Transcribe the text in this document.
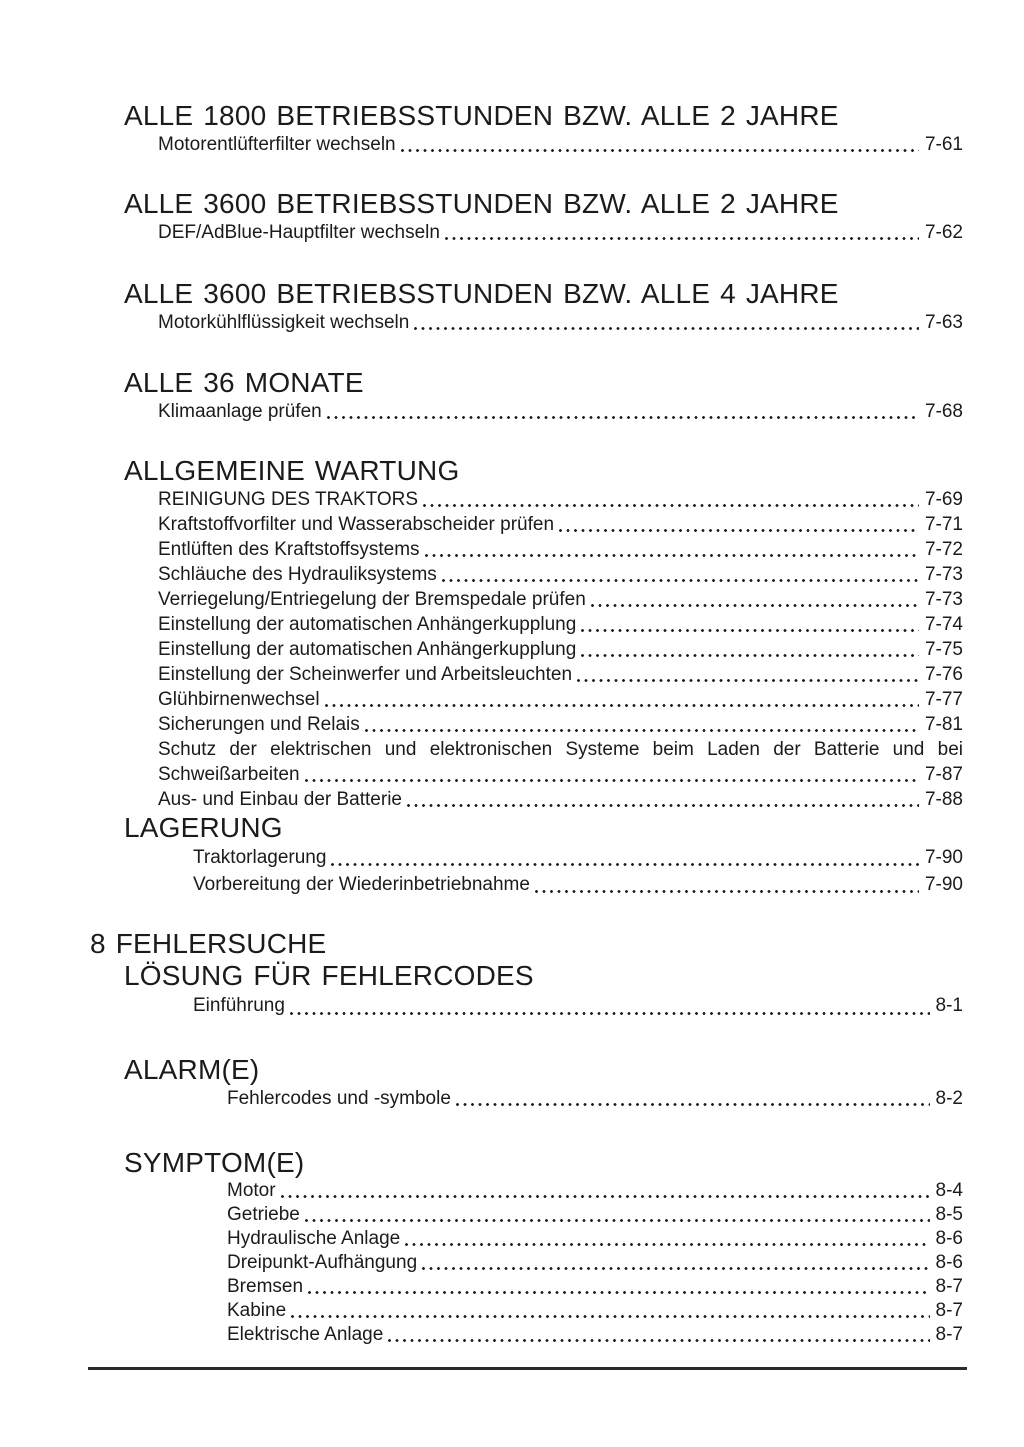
ALLE 1800 BETRIEBSSTUNDEN BZW. ALLE 2 JAHRE
Motorentlüfterfilter wechseln	7-61
ALLE 3600 BETRIEBSSTUNDEN BZW. ALLE 2 JAHRE
DEF/AdBlue-Hauptfilter wechseln	7-62
ALLE 3600 BETRIEBSSTUNDEN BZW. ALLE 4 JAHRE
Motorkühlflüssigkeit wechseln	7-63
ALLE 36 MONATE
Klimaanlage prüfen	7-68
ALLGEMEINE WARTUNG
REINIGUNG DES TRAKTORS	7-69
Kraftstoffvorfilter und Wasserabscheider prüfen	7-71
Entlüften des Kraftstoffsystems	7-72
Schläuche des Hydrauliksystems	7-73
Verriegelung/Entriegelung der Bremspedale prüfen	7-73
Einstellung der automatischen Anhängerkupplung	7-74
Einstellung der automatischen Anhängerkupplung	7-75
Einstellung der Scheinwerfer und Arbeitsleuchten	7-76
Glühbirnenwechsel	7-77
Sicherungen und Relais	7-81
Schutz der elektrischen und elektronischen Systeme beim Laden der Batterie und bei
Schweißarbeiten	7-87
Aus- und Einbau der Batterie	7-88
LAGERUNG
Traktorlagerung	7-90
Vorbereitung der Wiederinbetriebnahme	7-90
8 FEHLERSUCHE
LÖSUNG FÜR FEHLERCODES
Einführung	8-1
ALARM(E)
Fehlercodes und -symbole	8-2
SYMPTOM(E)
Motor	8-4
Getriebe	8-5
Hydraulische Anlage	8-6
Dreipunkt-Aufhängung	8-6
Bremsen	8-7
Kabine	8-7
Elektrische Anlage	8-7
